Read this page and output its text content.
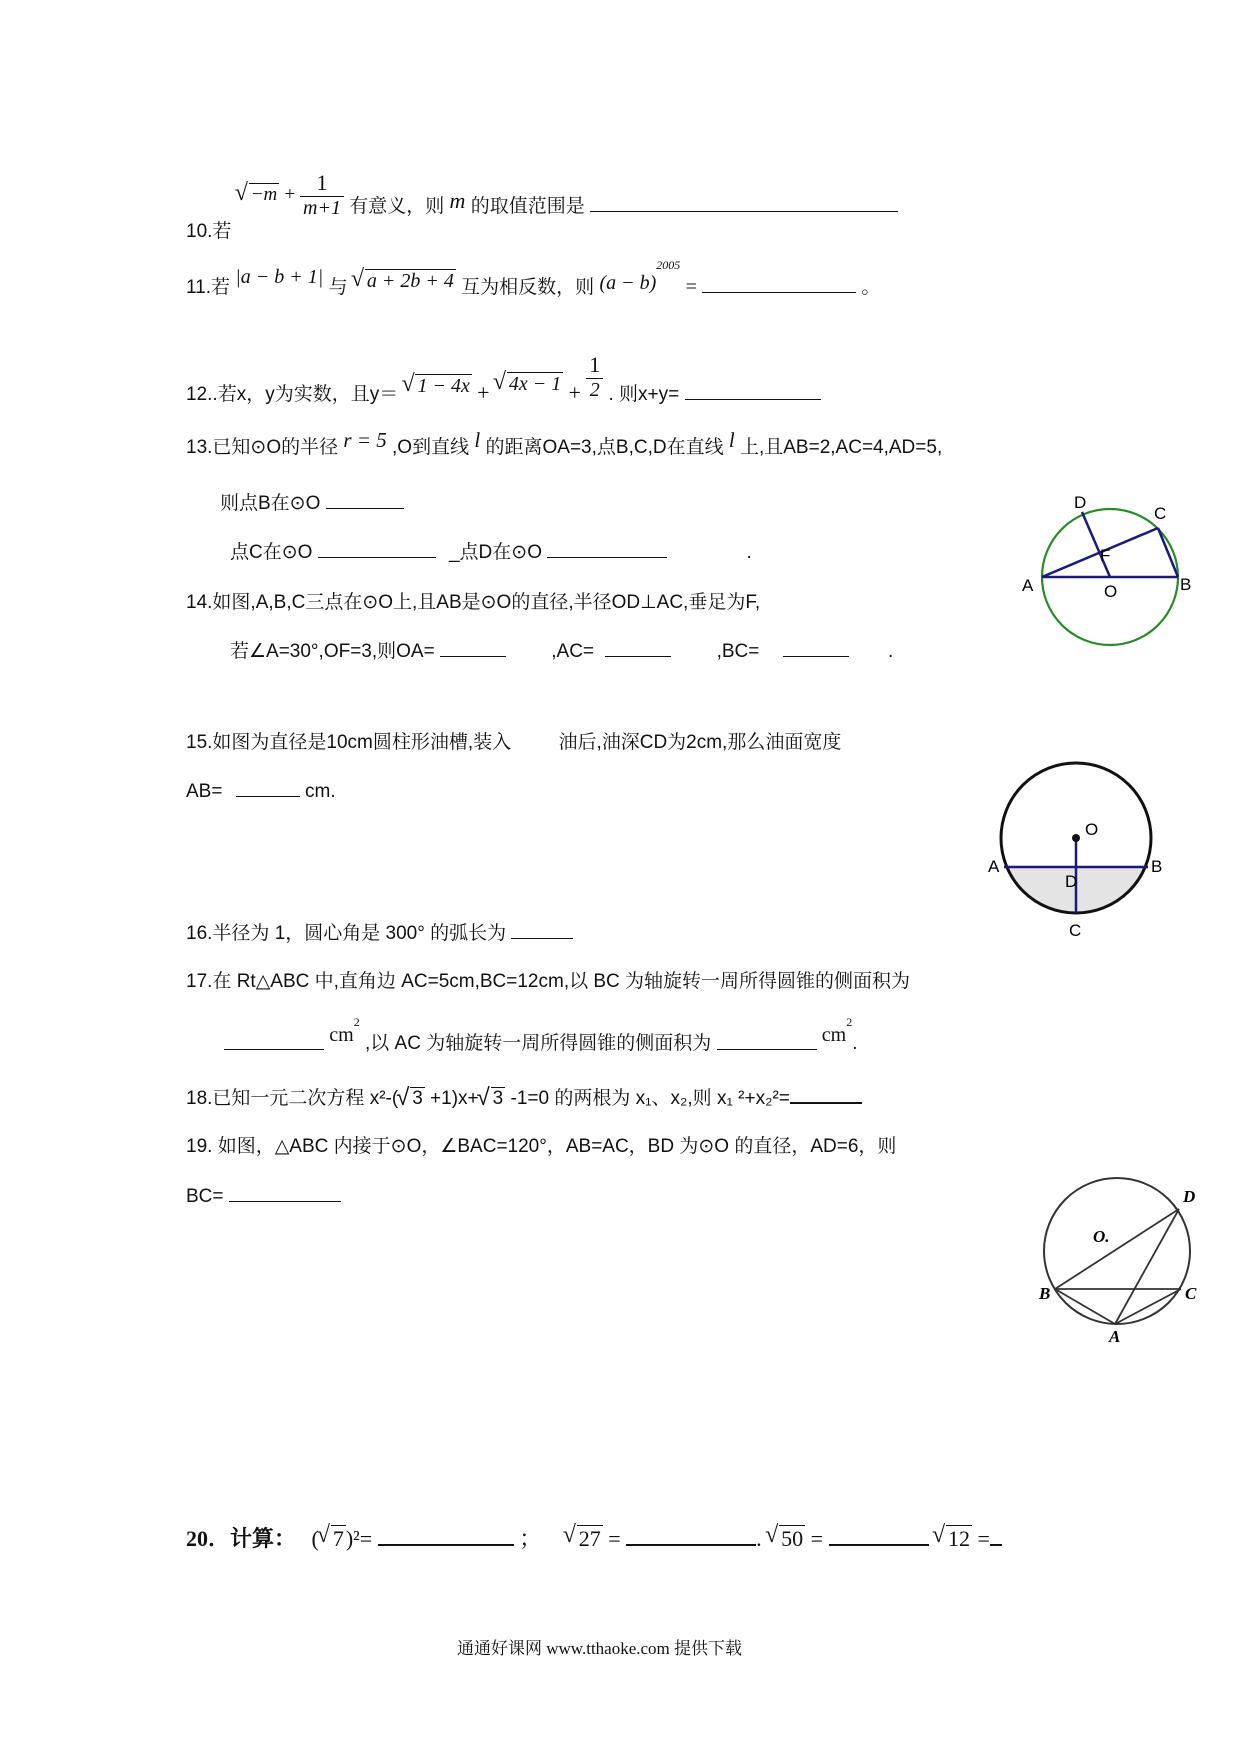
10.若 √ $-m + \frac{1}{m+1}$ 有意义，则 m 的取值范围是
11.若 |a − b + 1| 与 √ a + 2b + 4 互为相反数，则 $(a - b)^{2005}$ =	。
12..若x，y为实数，且y＝ √ 1 − 4x + √ $4x - 1 + \frac{1}{2}$ . 则x+y=
13.已知⊙O的半径 r = 5 ,O到直线 l 的距离OA=3,点B,C,D在直线 l 上,且AB=2,AC=4,AD=5,
则点B在⊙O
点C在⊙O	_点D在⊙O	.
14.如图,A,B,C三点在⊙O上,且AB是⊙O的直径,半径OD⊥AC,垂足为F,
若∠A=30°,OF=3,则OA=	,AC=	,BC=	.
A	B
C
D
F
O
15.如图为直径是10cm圆柱形油槽,装入 油后,油深CD为2cm,那么油面宽度
AB=	cm.
O
A	B
D
C
16.半径为 1，圆心角是 300° 的弧长为
17.在 Rt△ABC 中,直角边 AC=5cm,BC=12cm,以 BC 为轴旋转一周所得圆锥的侧面积为
$cm^2$ ,以 AC 为轴旋转一周所得圆锥的侧面积为	$cm^2$.
18.已知一元二次方程 x²-( √ 3 +1)x+ √ 3 -1=0 的两根为 x₁、x₂,则 x₁ ²+x₂²=
19. 如图，△ABC 内接于⊙O，∠BAC=120°，AB=AC，BD 为⊙O 的直径，AD=6，则
BC=
O.
B	C
D
A
20．计算： ( √ 7)²=	； √ 27 =	. √ 50 =	√ 12 =
通通好课网 www.tthaoke.com 提供下载
